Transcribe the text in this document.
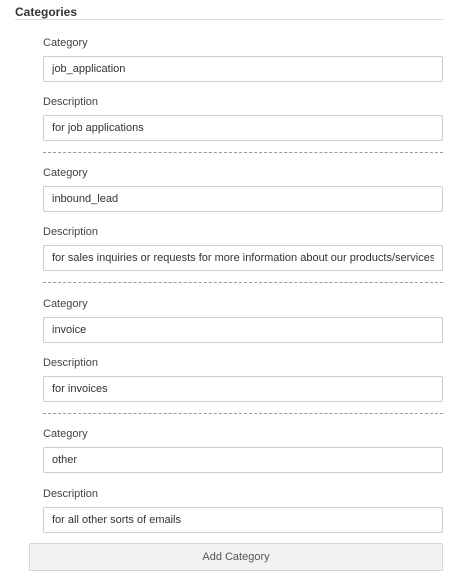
Categories
Category
job_application
Description
for job applications
Category
inbound_lead
Description
for sales inquiries or requests for more information about our products/services
Category
invoice
Description
for invoices
Category
other
Description
for all other sorts of emails
Add Category
